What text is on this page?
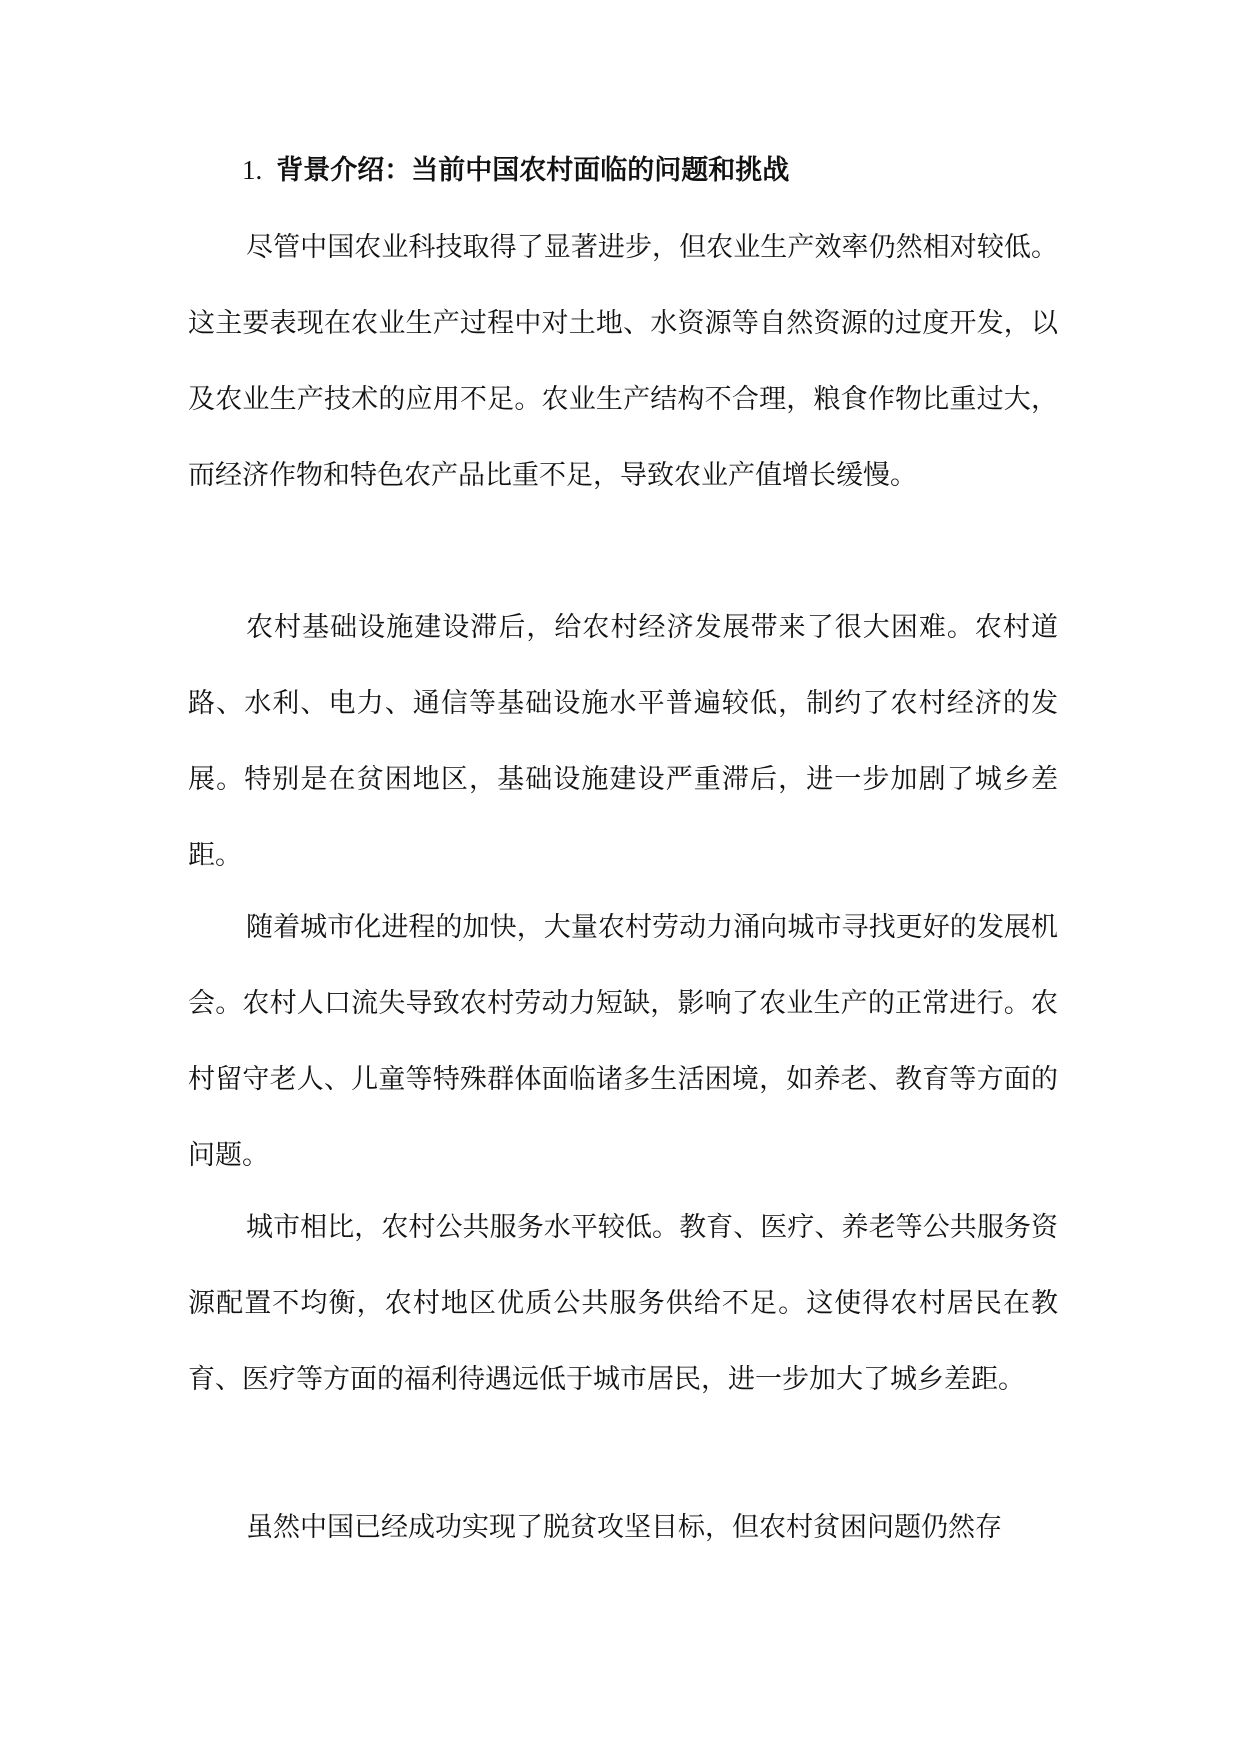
1. 背景介绍：当前中国农村面临的问题和挑战

尽管中国农业科技取得了显著进步，但农业生产效率仍然相对较低。这主要表现在农业生产过程中对土地、水资源等自然资源的过度开发，以及农业生产技术的应用不足。农业生产结构不合理，粮食作物比重过大，而经济作物和特色农产品比重不足，导致农业产值增长缓慢。

农村基础设施建设滞后，给农村经济发展带来了很大困难。农村道路、水利、电力、通信等基础设施水平普遍较低，制约了农村经济的发展。特别是在贫困地区，基础设施建设严重滞后，进一步加剧了城乡差距。

随着城市化进程的加快，大量农村劳动力涌向城市寻找更好的发展机会。农村人口流失导致农村劳动力短缺，影响了农业生产的正常进行。农村留守老人、儿童等特殊群体面临诸多生活困境，如养老、教育等方面的问题。

城市相比，农村公共服务水平较低。教育、医疗、养老等公共服务资源配置不均衡，农村地区优质公共服务供给不足。这使得农村居民在教育、医疗等方面的福利待遇远低于城市居民，进一步加大了城乡差距。

虽然中国已经成功实现了脱贫攻坚目标，但农村贫困问题仍然存
